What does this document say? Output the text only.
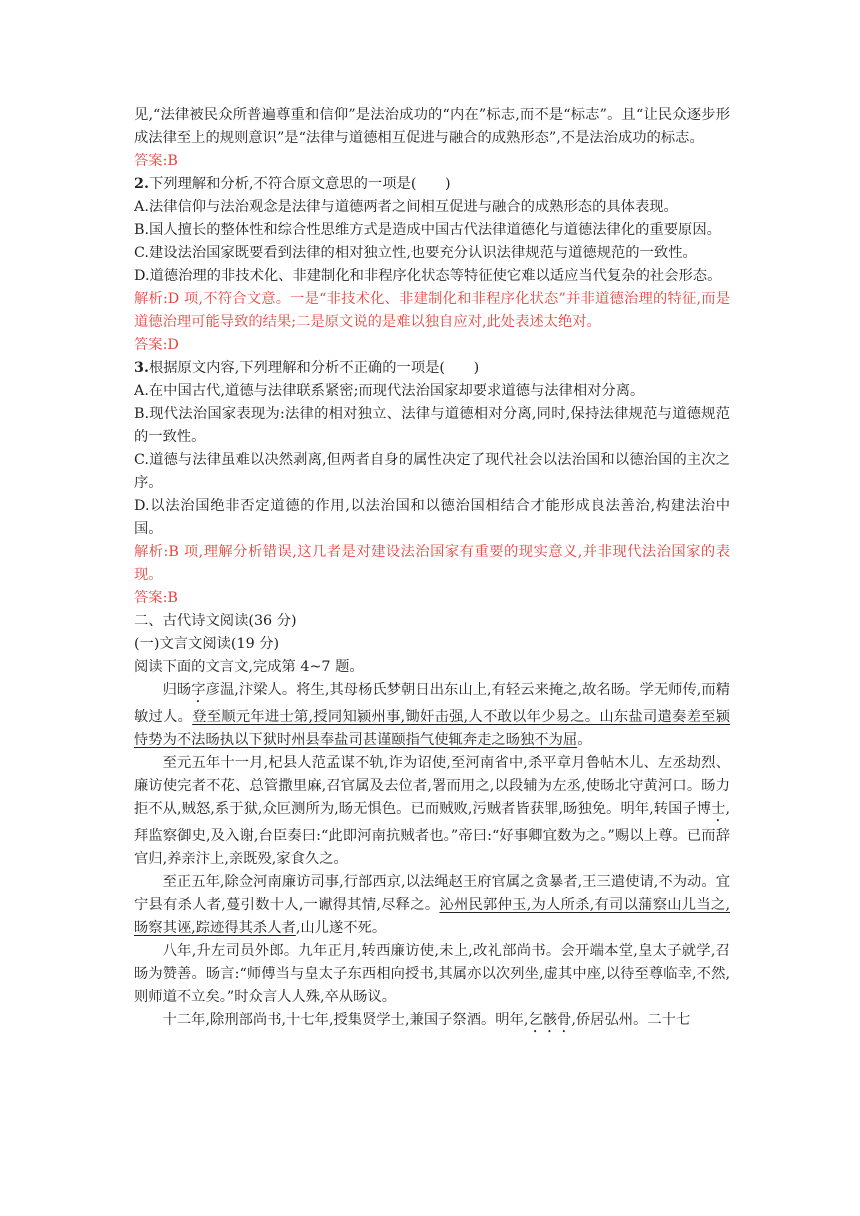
见,“法律被民众所普遍尊重和信仰”是法治成功的“内在”标志,而不是“标志”。且“让民众逐步形成法律至上的规则意识”是“法律与道德相互促进与融合的成熟形态”,不是法治成功的标志。

答案:B

2.下列理解和分析,不符合原文意思的一项是(　　)

A.法律信仰与法治观念是法律与道德两者之间相互促进与融合的成熟形态的具体表现。

B.国人擅长的整体性和综合性思维方式是造成中国古代法律道德化与道德法律化的重要原因。

C.建设法治国家既要看到法律的相对独立性,也要充分认识法律规范与道德规范的一致性。

D.道德治理的非技术化、非建制化和非程序化状态等特征使它难以适应当代复杂的社会形态。

解析:D 项,不符合文意。一是“非技术化、非建制化和非程序化状态”并非道德治理的特征,而是道德治理可能导致的结果;二是原文说的是难以独自应对,此处表述太绝对。

答案:D

3.根据原文内容,下列理解和分析不正确的一项是(　　)

A.在中国古代,道德与法律联系紧密;而现代法治国家却要求道德与法律相对分离。

B.现代法治国家表现为:法律的相对独立、法律与道德相对分离,同时,保持法律规范与道德规范的一致性。

C.道德与法律虽难以决然剥离,但两者自身的属性决定了现代社会以法治国和以德治国的主次之序。

D.以法治国绝非否定道德的作用,以法治国和以德治国相结合才能形成良法善治,构建法治中国。

解析:B 项,理解分析错误,这几者是对建设法治国家有重要的现实意义,并非现代法治国家的表现。

答案:B

二、古代诗文阅读(36 分)

(一)文言文阅读(19 分)

阅读下面的文言文,完成第 4~7 题。

归旸字彦温,汴梁人。将生,其母杨氏梦朝日出东山上,有轻云来掩之,故名旸。学无师传,而精敏过人。登至顺元年进士第,授同知颍州事,锄奸击强,人不敢以年少易之。山东盐司遣奏差至颍恃势为不法旸执以下狱时州县奉盐司甚谨颐指气使辄奔走之旸独不为屈。

至元五年十一月,杞县人范孟谋不轨,诈为诏使,至河南省中,杀平章月鲁帖木儿、左丞劫烈、廉访使完者不花、总管撒里麻,召官属及去位者,署而用之,以段辅为左丞,使旸北守黄河口。旸力拒不从,贼怒,系于狱,众叵测所为,旸无惧色。已而贼败,污贼者皆获罪,旸独免。明年,转国子博士,拜监察御史,及入谢,台臣奏曰:“此即河南抗贼者也。”帝曰:“好事卿宜数为之。”赐以上尊。已而辞官归,养亲汴上,亲既殁,家食久之。

至正五年,除佥河南廉访司事,行部西京,以法绳赵王府官属之贪暴者,王三遣使请,不为动。宜宁县有杀人者,蔓引数十人,一谳得其情,尽释之。沁州民郭仲玉,为人所杀,有司以蒲察山儿当之,旸察其诬,踪迹得其杀人者,山儿遂不死。

八年,升左司员外郎。九年正月,转西廉访使,未上,改礼部尚书。会开端本堂,皇太子就学,召旸为赞善。旸言:“师傅当与皇太子东西相向授书,其属亦以次列坐,虚其中座,以待至尊临幸,不然,则师道不立矣。”时众言人人殊,卒从旸议。

十二年,除刑部尚书,十七年,授集贤学士,兼国子祭酒。明年,乞骸骨,侨居弘州。二十七
